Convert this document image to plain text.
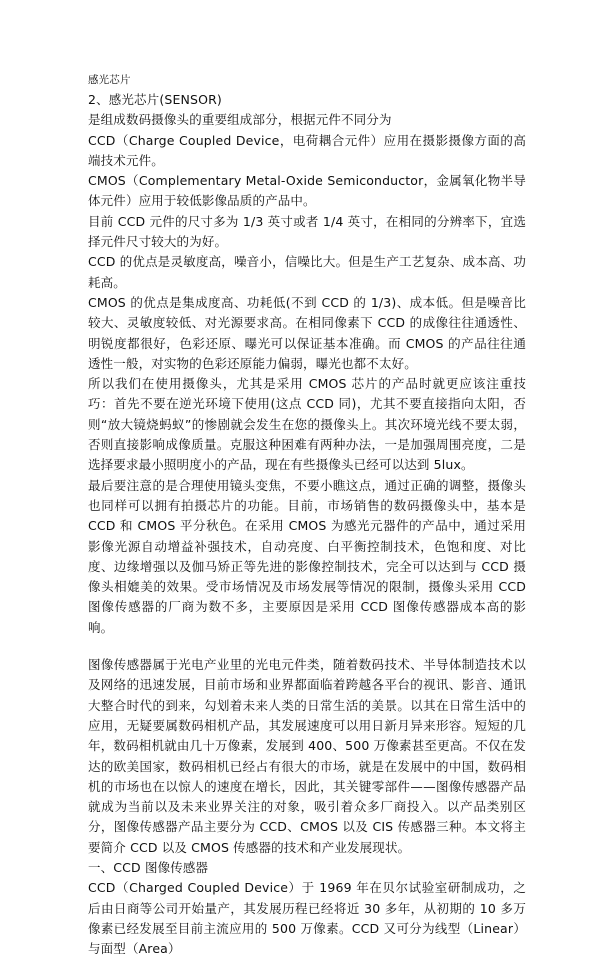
感光芯片

2、感光芯片(SENSOR)

是组成数码摄像头的重要组成部分，根据元件不同分为

CCD（Charge Coupled Device，电荷耦合元件）应用在摄影摄像方面的高端技术元件。

CMOS（Complementary Metal-Oxide Semiconductor，金属氧化物半导体元件）应用于较低影像品质的产品中。

目前 CCD 元件的尺寸多为 1/3 英寸或者 1/4 英寸，在相同的分辨率下，宜选择元件尺寸较大的为好。

CCD 的优点是灵敏度高，噪音小，信噪比大。但是生产工艺复杂、成本高、功耗高。

CMOS 的优点是集成度高、功耗低(不到 CCD 的 1/3)、成本低。但是噪音比较大、灵敏度较低、对光源要求高。在相同像素下 CCD 的成像往往通透性、明锐度都很好，色彩还原、曝光可以保证基本准确。而 CMOS 的产品往往通透性一般，对实物的色彩还原能力偏弱，曝光也都不太好。

所以我们在使用摄像头，尤其是采用 CMOS 芯片的产品时就更应该注重技巧：首先不要在逆光环境下使用(这点 CCD 同)，尤其不要直接指向太阳，否则“放大镜烧蚂蚁”的惨剧就会发生在您的摄像头上。其次环境光线不要太弱，否则直接影响成像质量。克服这种困难有两种办法，一是加强周围亮度，二是选择要求最小照明度小的产品，现在有些摄像头已经可以达到 5lux。

最后要注意的是合理使用镜头变焦，不要小瞧这点，通过正确的调整，摄像头也同样可以拥有拍摄芯片的功能。目前，市场销售的数码摄像头中，基本是 CCD 和 CMOS 平分秋色。在采用 CMOS 为感光元器件的产品中，通过采用影像光源自动增益补强技术，自动亮度、白平衡控制技术，色饱和度、对比度、边缘增强以及伽马矫正等先进的影像控制技术，完全可以达到与 CCD 摄像头相媲美的效果。受市场情况及市场发展等情况的限制，摄像头采用 CCD 图像传感器的厂商为数不多，主要原因是采用 CCD 图像传感器成本高的影响。

图像传感器属于光电产业里的光电元件类，随着数码技术、半导体制造技术以及网络的迅速发展，目前市场和业界都面临着跨越各平台的视讯、影音、通讯大整合时代的到来，勾划着未来人类的日常生活的美景。以其在日常生活中的应用，无疑要属数码相机产品，其发展速度可以用日新月异来形容。短短的几年，数码相机就由几十万像素，发展到 400、500 万像素甚至更高。不仅在发达的欧美国家，数码相机已经占有很大的市场，就是在发展中的中国，数码相机的市场也在以惊人的速度在增长，因此，其关键零部件——图像传感器产品就成为当前以及未来业界关注的对象，吸引着众多厂商投入。以产品类别区分，图像传感器产品主要分为 CCD、CMOS 以及 CIS 传感器三种。本文将主要简介 CCD 以及 CMOS 传感器的技术和产业发展现状。

一、CCD 图像传感器

CCD（Charged Coupled Device）于 1969 年在贝尔试验室研制成功，之后由日商等公司开始量产，其发展历程已经将近 30 多年，从初期的 10 多万像素已经发展至目前主流应用的 500 万像素。CCD 又可分为线型（Linear）与面型（Area）
